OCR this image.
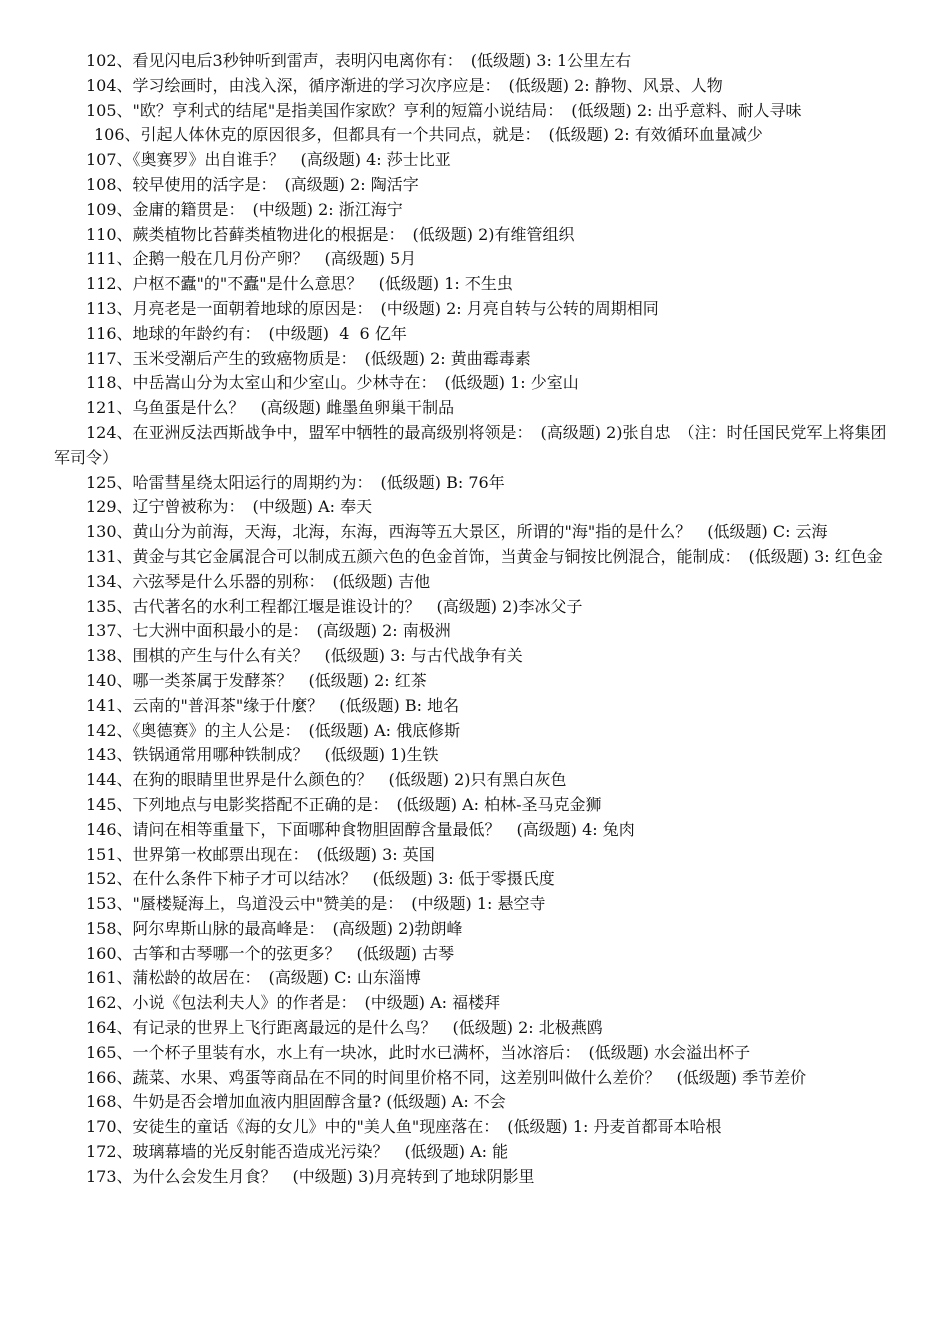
102、看见闪电后3秒钟听到雷声，表明闪电离你有：　(低级题) 3: 1公里左右

104、学习绘画时，由浅入深，循序渐进的学习次序应是：　(低级题) 2: 静物、风景、人物

105、"欧？亨利式的结尾"是指美国作家欧？亨利的短篇小说结局：　(低级题) 2: 出乎意料、耐人寻味

106、引起人体休克的原因很多，但都具有一个共同点，就是：　(低级题) 2: 有效循环血量减少

107、《奥赛罗》出自谁手？　(高级题) 4: 莎士比亚

108、较早使用的活字是：　(高级题) 2: 陶活字

109、金庸的籍贯是：　(中级题) 2: 浙江海宁

110、蕨类植物比苔藓类植物进化的根据是：　(低级题) 2)有维管组织

111、企鹅一般在几月份产卵？　(高级题) 5月

112、户枢不蠹"的"不蠹"是什么意思？　(低级题) 1: 不生虫

113、月亮老是一面朝着地球的原因是：　(中级题) 2: 月亮自转与公转的周期相同

116、地球的年龄约有：　(中级题)  4  6 亿年

117、玉米受潮后产生的致癌物质是：　(低级题) 2: 黄曲霉毒素

118、中岳嵩山分为太室山和少室山。少林寺在：　(低级题) 1: 少室山

121、乌鱼蛋是什么？　(高级题) 雌墨鱼卵巢干制品

124、在亚洲反法西斯战争中，盟军中牺牲的最高级别将领是：　(高级题) 2)张自忠　（注：时任国民党军上将集团军司令）

125、哈雷彗星绕太阳运行的周期约为：　(低级题) B: 76年

129、辽宁曾被称为：　(中级题) A: 奉天

130、黄山分为前海，天海，北海，东海，西海等五大景区，所谓的"海"指的是什么？　(低级题) C: 云海

131、黄金与其它金属混合可以制成五颜六色的色金首饰，当黄金与铜按比例混合，能制成：　(低级题) 3: 红色金

134、六弦琴是什么乐器的别称：　(低级题) 吉他

135、古代著名的水利工程都江堰是谁设计的？　(高级题) 2)李冰父子

137、七大洲中面积最小的是：　(高级题) 2: 南极洲

138、围棋的产生与什么有关？　(低级题) 3: 与古代战争有关

140、哪一类茶属于发酵茶？　(低级题) 2: 红茶

141、云南的"普洱茶"缘于什麼？　(低级题) B: 地名

142、《奥德赛》的主人公是：　(低级题) A: 俄底修斯

143、铁锅通常用哪种铁制成？　(低级题) 1)生铁

144、在狗的眼睛里世界是什么颜色的？　(低级题) 2)只有黑白灰色

145、下列地点与电影奖搭配不正确的是：　(低级题) A: 柏林-圣马克金狮

146、请问在相等重量下，下面哪种食物胆固醇含量最低？　(高级题) 4: 兔肉

151、世界第一枚邮票出现在：　(低级题) 3: 英国

152、在什么条件下柿子才可以结冰？　(低级题) 3: 低于零摄氏度

153、"蜃楼疑海上，鸟道没云中"赞美的是：　(中级题) 1: 悬空寺

158、阿尔卑斯山脉的最高峰是：　(高级题) 2)勃朗峰

160、古筝和古琴哪一个的弦更多？　(低级题) 古琴

161、蒲松龄的故居在：　(高级题) C: 山东淄博

162、小说《包法利夫人》的作者是：　(中级题) A: 福楼拜

164、有记录的世界上飞行距离最远的是什么鸟？　(低级题) 2: 北极燕鸥

165、一个杯子里装有水，水上有一块冰，此时水已满杯，当冰溶后：　(低级题) 水会溢出杯子

166、蔬菜、水果、鸡蛋等商品在不同的时间里价格不同，这差别叫做什么差价？　(低级题) 季节差价

168、牛奶是否会增加血液内胆固醇含量? (低级题) A: 不会

170、安徒生的童话《海的女儿》中的"美人鱼"现座落在：　(低级题) 1: 丹麦首都哥本哈根

172、玻璃幕墙的光反射能否造成光污染？　(低级题) A: 能

173、为什么会发生月食？　(中级题) 3)月亮转到了地球阴影里
